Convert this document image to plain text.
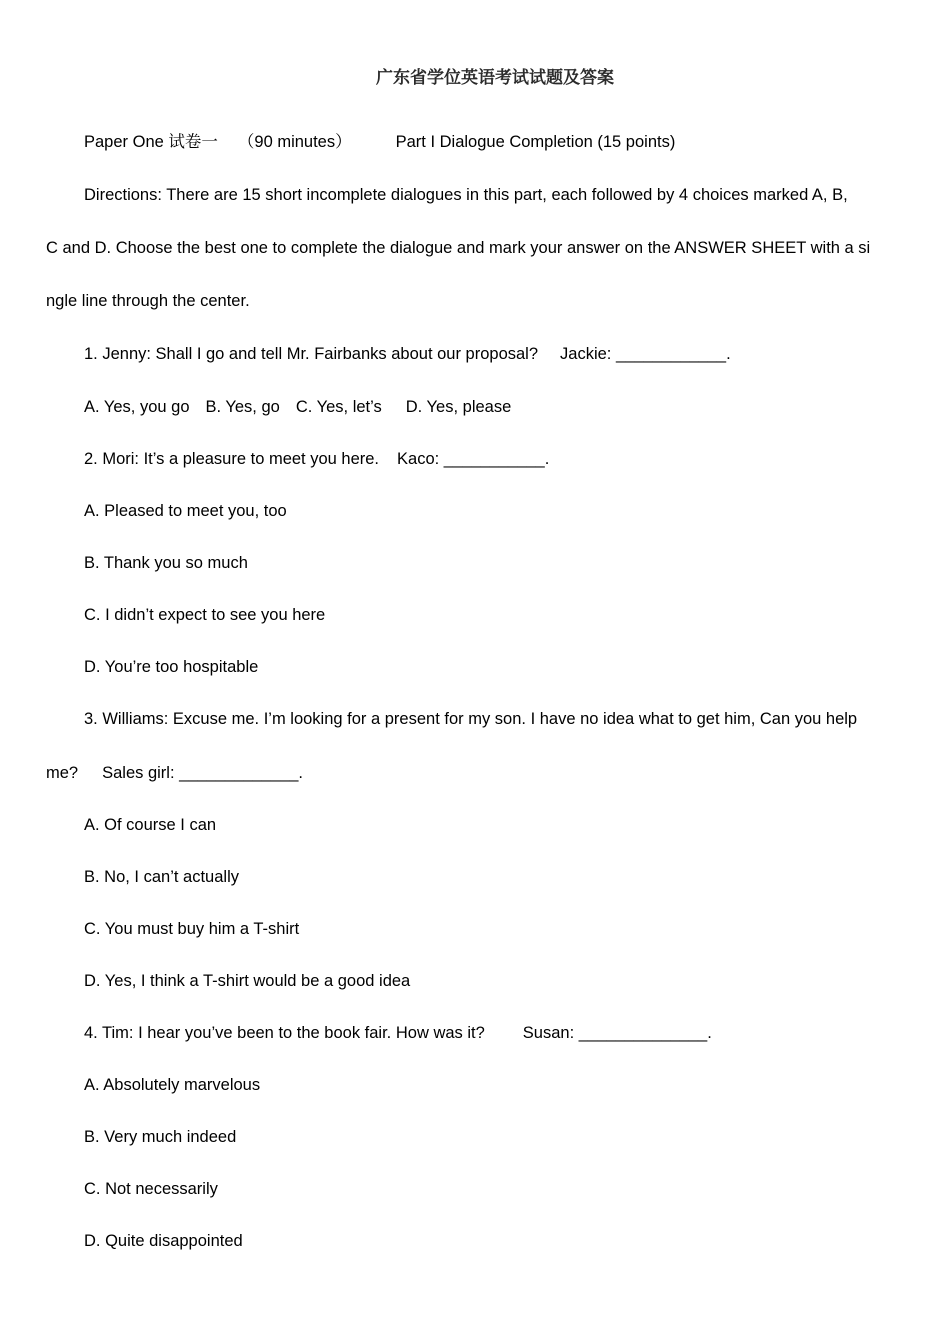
广东省学位英语考试试题及答案
Paper One 试卷一 （90 minutes）	Part I Dialogue Completion (15 points)
Directions: There are 15 short incomplete dialogues in this part, each followed by 4 choices marked A, B,
C and D. Choose the best one to complete the dialogue and mark your answer on the ANSWER SHEET with a si
ngle line through the center.
1. Jenny: Shall I go and tell Mr. Fairbanks about our proposal? Jackie: ____________.
A. Yes, you go B. Yes, go C. Yes, let’s D. Yes, please
2. Mori: It’s a pleasure to meet you here. Kaco: ___________.
A. Pleased to meet you, too
B. Thank you so much
C. I didn’t expect to see you here
D. You’re too hospitable
3. Williams: Excuse me. I’m looking for a present for my son. I have no idea what to get him, Can you help
me? Sales girl: _____________.
A. Of course I can
B. No, I can’t actually
C. You must buy him a T-shirt
D. Yes, I think a T-shirt would be a good idea
4. Tim: I hear you’ve been to the book fair. How was it? Susan: ______________.
A. Absolutely marvelous
B. Very much indeed
C. Not necessarily
D. Quite disappointed
